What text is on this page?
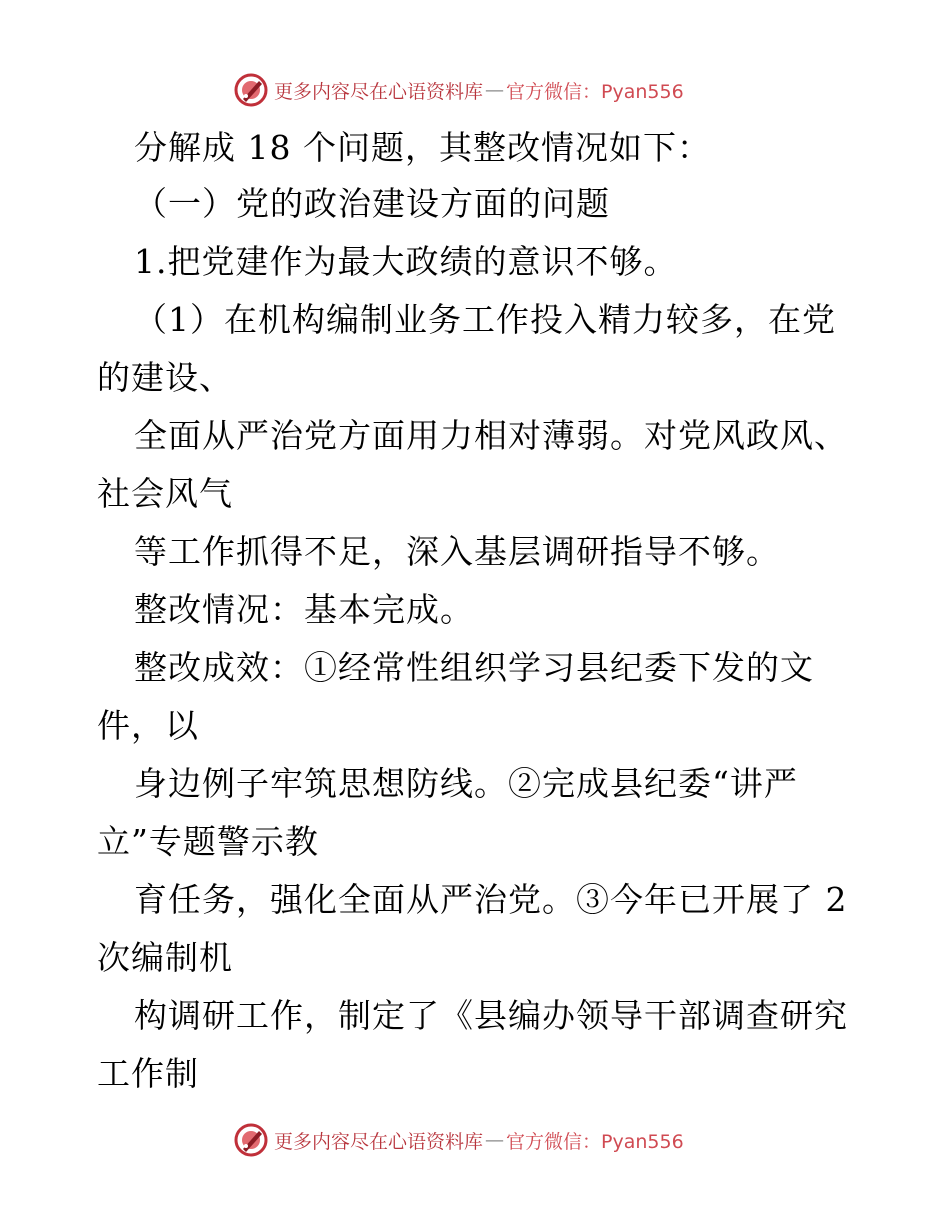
更多内容尽在心语资料库 — 官方微信：Pyan556
分解成 18 个问题，其整改情况如下：
（一）党的政治建设方面的问题
1.把党建作为最大政绩的意识不够。
（1）在机构编制业务工作投入精力较多，在党
的建设、
全面从严治党方面用力相对薄弱。对党风政风、
社会风气
等工作抓得不足，深入基层调研指导不够。
整改情况：基本完成。
整改成效：①经常性组织学习县纪委下发的文
件，以
身边例子牢筑思想防线。②完成县纪委“讲严
立”专题警示教
育任务，强化全面从严治党。③今年已开展了 2
次编制机
构调研工作，制定了《县编办领导干部调查研究
工作制
更多内容尽在心语资料库 — 官方微信：Pyan556
